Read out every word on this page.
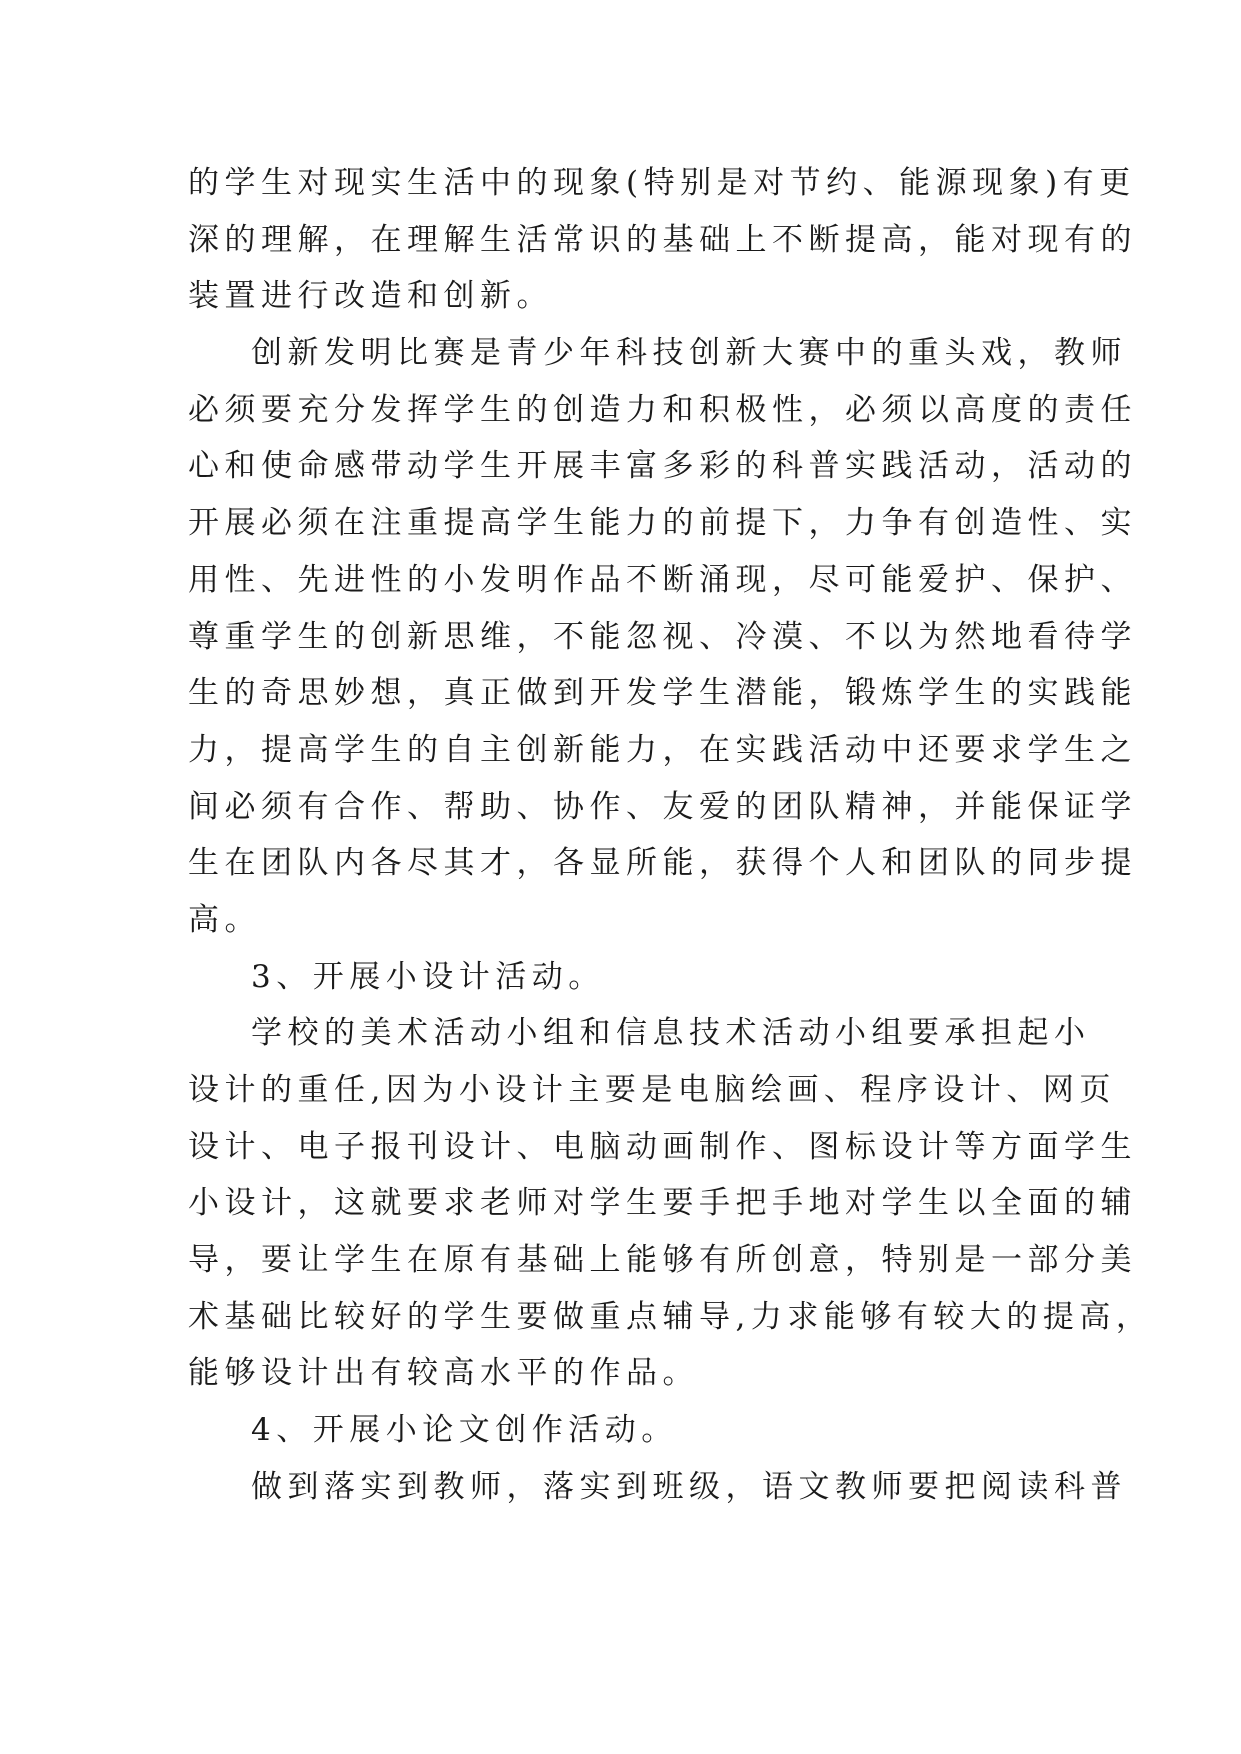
的学生对现实生活中的现象(特别是对节约、能源现象)有更
深的理解，在理解生活常识的基础上不断提高，能对现有的
装置进行改造和创新。
创新发明比赛是青少年科技创新大赛中的重头戏，教师
必须要充分发挥学生的创造力和积极性，必须以高度的责任
心和使命感带动学生开展丰富多彩的科普实践活动，活动的
开展必须在注重提高学生能力的前提下，力争有创造性、实
用性、先进性的小发明作品不断涌现，尽可能爱护、保护、
尊重学生的创新思维，不能忽视、冷漠、不以为然地看待学
生的奇思妙想，真正做到开发学生潜能，锻炼学生的实践能
力，提高学生的自主创新能力，在实践活动中还要求学生之
间必须有合作、帮助、协作、友爱的团队精神，并能保证学
生在团队内各尽其才，各显所能，获得个人和团队的同步提
高。
3、开展小设计活动。
学校的美术活动小组和信息技术活动小组要承担起小
设计的重任,因为小设计主要是电脑绘画、程序设计、网页
设计、电子报刊设计、电脑动画制作、图标设计等方面学生
小设计，这就要求老师对学生要手把手地对学生以全面的辅
导，要让学生在原有基础上能够有所创意，特别是一部分美
术基础比较好的学生要做重点辅导,力求能够有较大的提高，
能够设计出有较高水平的作品。
4、开展小论文创作活动。
做到落实到教师，落实到班级，语文教师要把阅读科普
